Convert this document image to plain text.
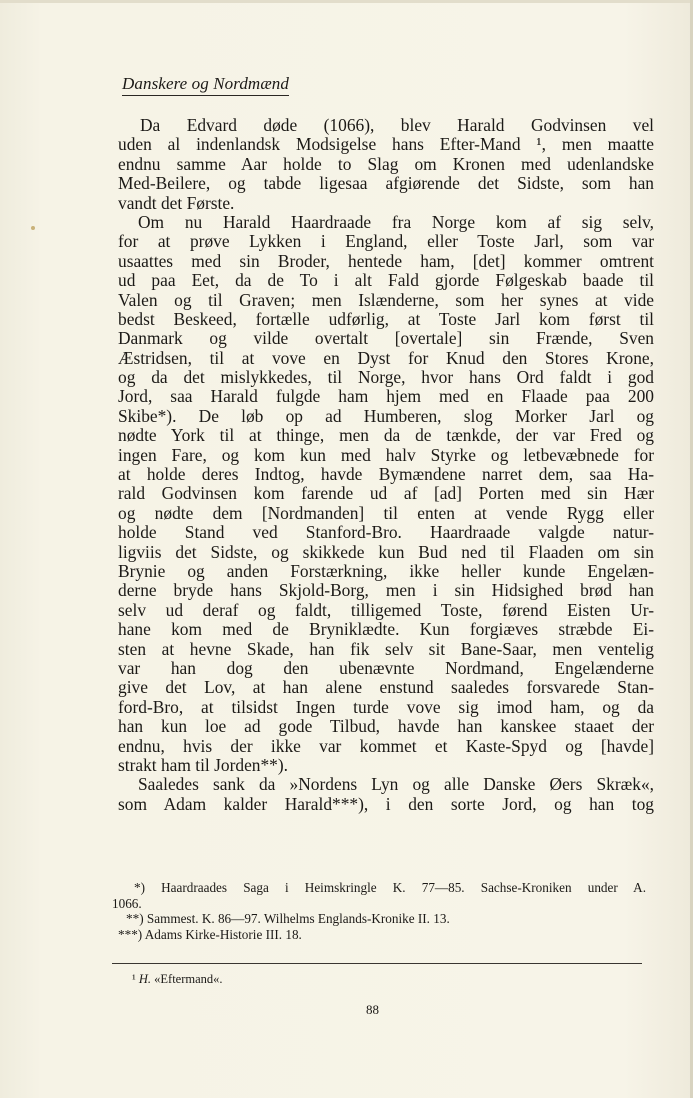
Danskere og Nordmænd
Da Edvard døde (1066), blev Harald Godvinsen vel
uden al indenlandsk Modsigelse hans Efter-Mand ¹, men maatte
endnu samme Aar holde to Slag om Kronen med udenlandske
Med-Beilere, og tabde ligesaa afgiørende det Sidste, som han
vandt det Første.
Om nu Harald Haardraade fra Norge kom af sig selv,
for at prøve Lykken i England, eller Toste Jarl, som var
usaattes med sin Broder, hentede ham, [det] kommer omtrent
ud paa Eet, da de To i alt Fald gjorde Følgeskab baade til
Valen og til Graven; men Islænderne, som her synes at vide
bedst Beskeed, fortælle udførlig, at Toste Jarl kom først til
Danmark og vilde overtalt [overtale] sin Frænde, Sven
Æstridsen, til at vove en Dyst for Knud den Stores Krone,
og da det mislykkedes, til Norge, hvor hans Ord faldt i god
Jord, saa Harald fulgde ham hjem med en Flaade paa 200
Skibe*). De løb op ad Humberen, slog Morker Jarl og
nødte York til at thinge, men da de tænkde, der var Fred og
ingen Fare, og kom kun med halv Styrke og letbevæbnede for
at holde deres Indtog, havde Bymændene narret dem, saa Ha-
rald Godvinsen kom farende ud af [ad] Porten med sin Hær
og nødte dem [Nordmanden] til enten at vende Rygg eller
holde Stand ved Stanford-Bro. Haardraade valgde natur-
ligviis det Sidste, og skikkede kun Bud ned til Flaaden om sin
Brynie og anden Forstærkning, ikke heller kunde Engelæn-
derne bryde hans Skjold-Borg, men i sin Hidsighed brød han
selv ud deraf og faldt, tilligemed Toste, førend Eisten Ur-
hane kom med de Bryniklædte. Kun forgiæves stræbde Ei-
sten at hevne Skade, han fik selv sit Bane-Saar, men ventelig
var han dog den ubenævnte Nordmand, Engelænderne
give det Lov, at han alene enstund saaledes forsvarede Stan-
ford-Bro, at tilsidst Ingen turde vove sig imod ham, og da
han kun loe ad gode Tilbud, havde han kanskee staaet der
endnu, hvis der ikke var kommet et Kaste-Spyd og [havde]
strakt ham til Jorden**).
Saaledes sank da »Nordens Lyn og alle Danske Øers Skræk«,
som Adam kalder Harald***), i den sorte Jord, og han tog
*) Haardraades Saga i Heimskringle K. 77—85. Sachse-Kroniken under A.
1066.
**) Sammest. K. 86—97. Wilhelms Englands-Kronike II. 13.
***) Adams Kirke-Historie III. 18.
¹ H. «Eftermand«.
88
